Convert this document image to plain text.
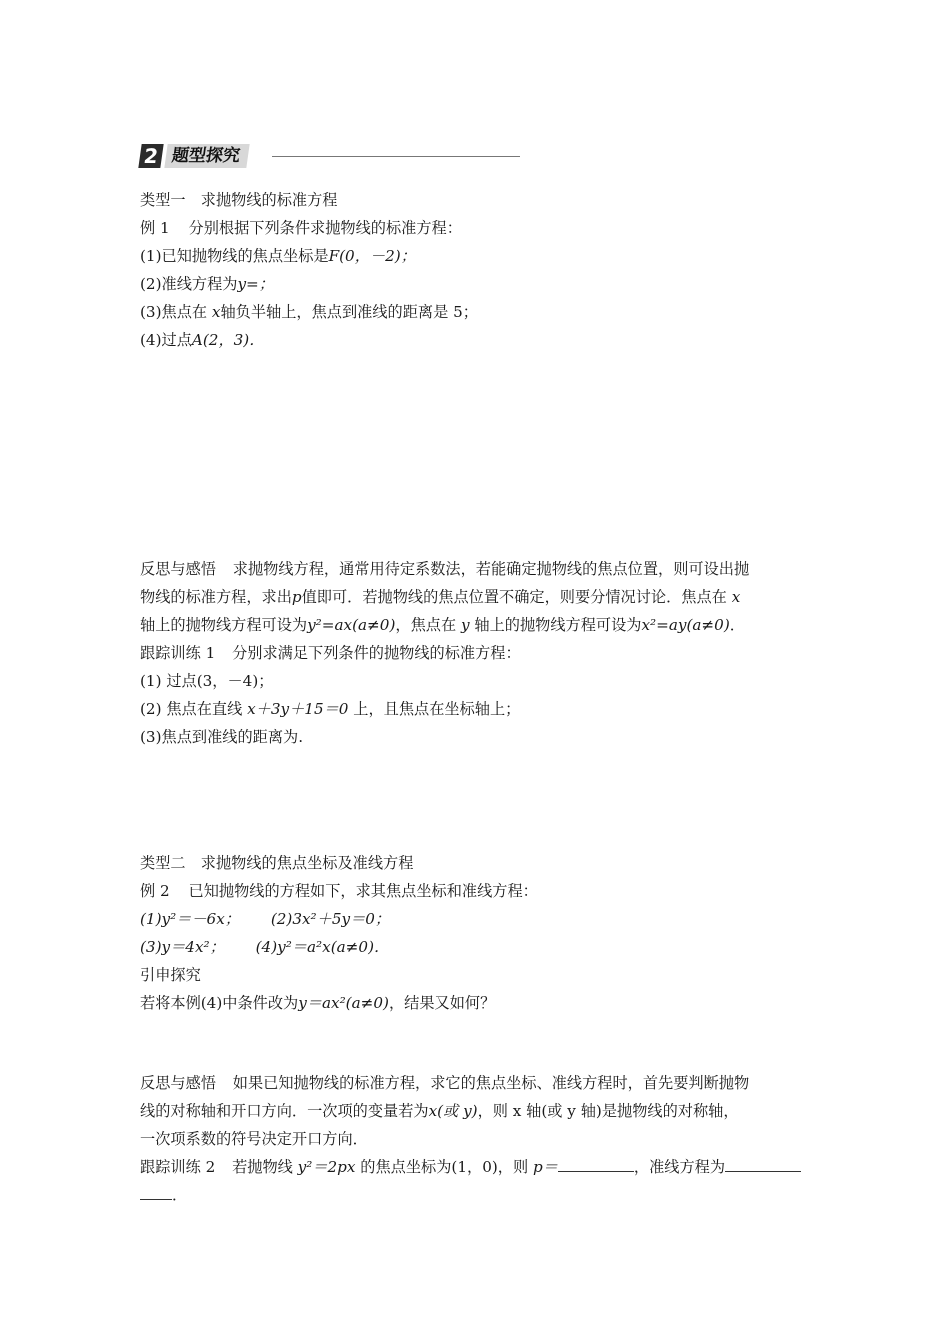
2 题型探究
类型一　求抛物线的标准方程
例 1 分别根据下列条件求抛物线的标准方程：
(1)已知抛物线的焦点坐标是F(0，－2)；
(2)准线方程为y=；
(3)焦点在 x轴负半轴上，焦点到准线的距离是 5；
(4)过点A(2，3)．
反思与感悟 求抛物线方程，通常用待定系数法，若能确定抛物线的焦点位置，则可设出抛
物线的标准方程，求出p值即可．若抛物线的焦点位置不确定，则要分情况讨论．焦点在 x
轴上的抛物线方程可设为y²=ax(a≠0)，焦点在 y 轴上的抛物线方程可设为x²=ay(a≠0)．
跟踪训练 1 分别求满足下列条件的抛物线的标准方程：
(1) 过点(3，－4)；
(2) 焦点在直线 x＋3y＋15＝0 上，且焦点在坐标轴上；
(3)焦点到准线的距离为.
类型二　求抛物线的焦点坐标及准线方程
例 2 已知抛物线的方程如下，求其焦点坐标和准线方程：
(1)y²＝－6x； (2)3x²＋5y＝0；
(3)y＝4x²； (4)y²＝a²x(a≠0)．
引申探究
若将本例(4)中条件改为y＝ax²(a≠0)，结果又如何？
反思与感悟 如果已知抛物线的标准方程，求它的焦点坐标、准线方程时，首先要判断抛物
线的对称轴和开口方向．一次项的变量若为x(或 y)，则 x 轴(或 y 轴)是抛物线的对称轴，
一次项系数的符号决定开口方向．
跟踪训练 2 若抛物线 y²＝2px 的焦点坐标为(1，0)，则 p＝	，准线方程为
．
